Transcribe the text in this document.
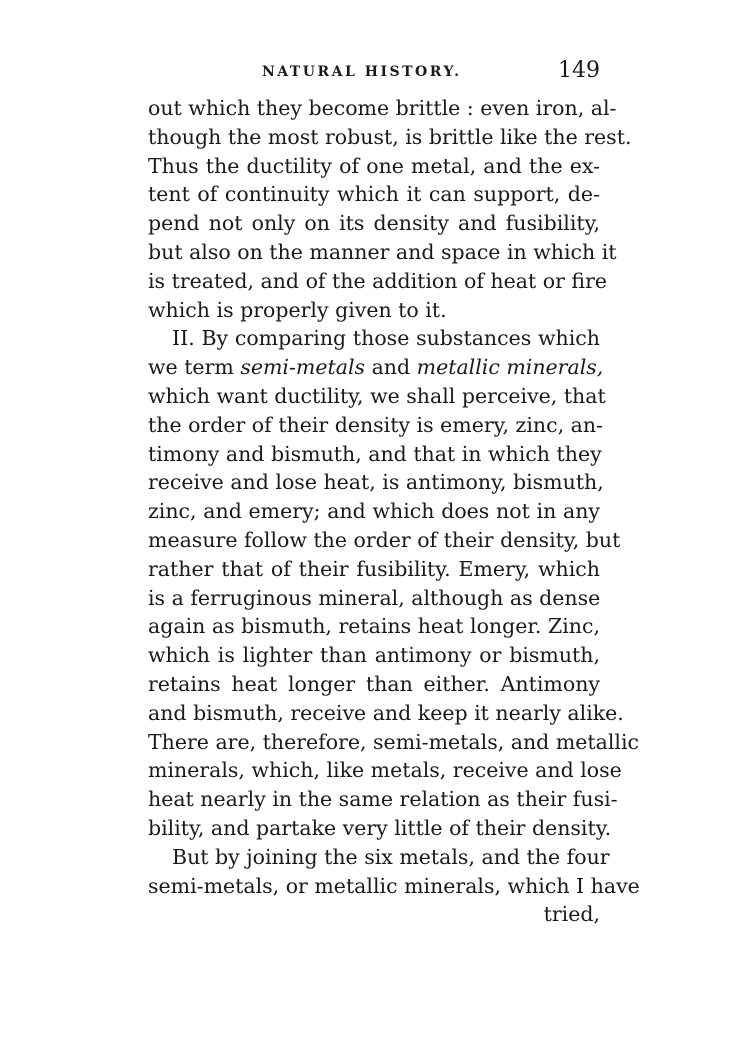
NATURAL HISTORY.	149
out which they become brittle : even iron, al-
though the most robust, is brittle like the rest.
Thus the ductility of one metal, and the ex-
tent of continuity which it can support, de-
pend not only on its density and fusibility,
but also on the manner and space in which it
is treated, and of the addition of heat or fire
which is properly given to it.
II. By comparing those substances which
we term semi-metals and metallic minerals,
which want ductility, we shall perceive, that
the order of their density is emery, zinc, an-
timony and bismuth, and that in which they
receive and lose heat, is antimony, bismuth,
zinc, and emery; and which does not in any
measure follow the order of their density, but
rather that of their fusibility. Emery, which
is a ferruginous mineral, although as dense
again as bismuth, retains heat longer. Zinc,
which is lighter than antimony or bismuth,
retains heat longer than either. Antimony
and bismuth, receive and keep it nearly alike.
There are, therefore, semi-metals, and metallic
minerals, which, like metals, receive and lose
heat nearly in the same relation as their fusi-
bility, and partake very little of their density.
But by joining the six metals, and the four
semi-metals, or metallic minerals, which I have
tried,
